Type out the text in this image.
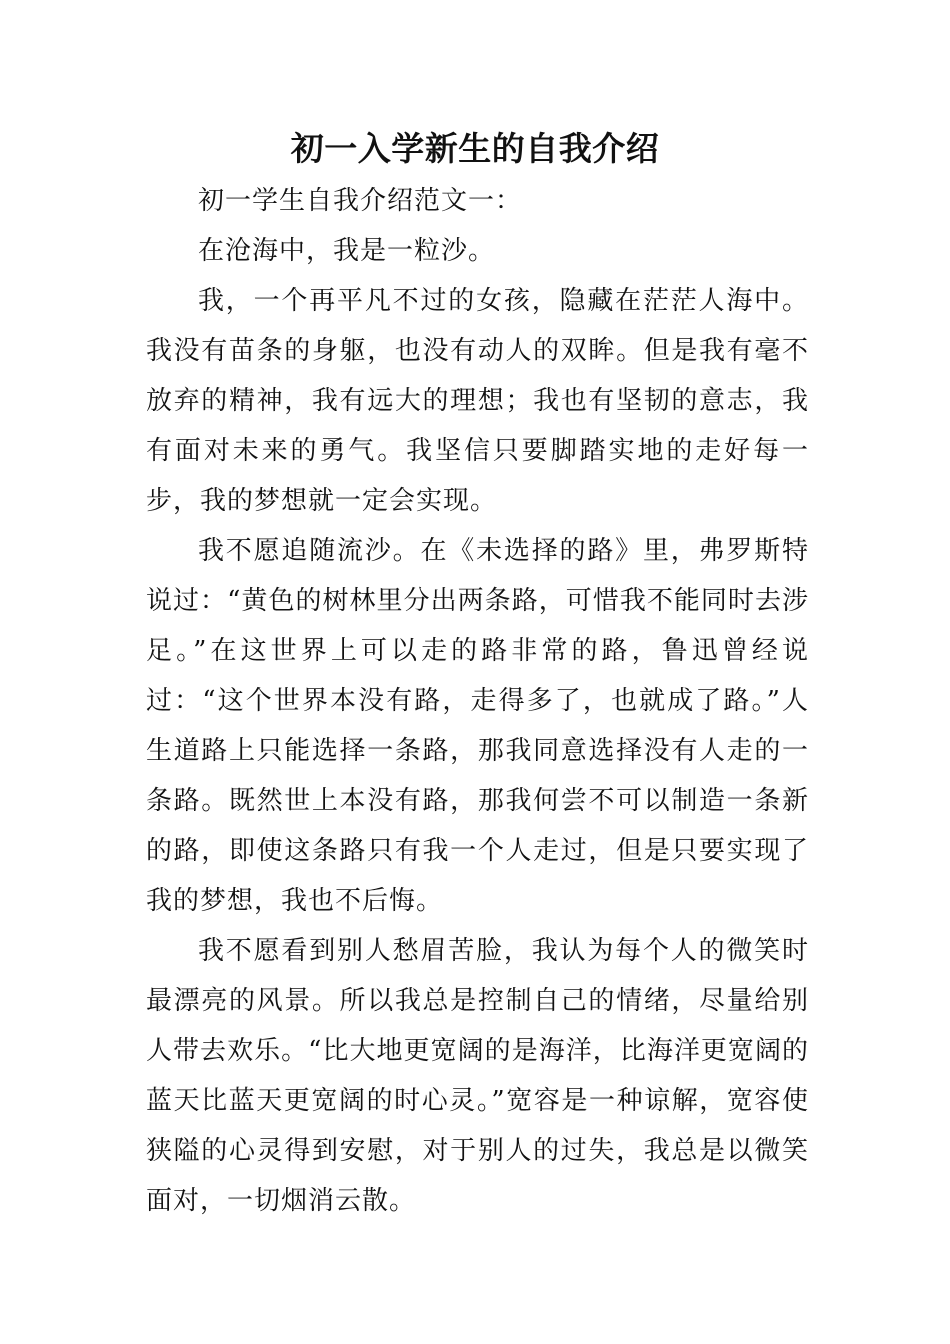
初一入学新生的自我介绍

初一学生自我介绍范文一：

在沧海中，我是一粒沙。

我，一个再平凡不过的女孩，隐藏在茫茫人海中。我没有苗条的身躯，也没有动人的双眸。但是我有毫不放弃的精神，我有远大的理想；我也有坚韧的意志，我有面对未来的勇气。我坚信只要脚踏实地的走好每一步，我的梦想就一定会实现。

我不愿追随流沙。在《未选择的路》里，弗罗斯特说过：“黄色的树林里分出两条路，可惜我不能同时去涉足。”在这世界上可以走的路非常的路，鲁迅曾经说过：“这个世界本没有路，走得多了，也就成了路。”人生道路上只能选择一条路，那我同意选择没有人走的一条路。既然世上本没有路，那我何尝不可以制造一条新的路，即使这条路只有我一个人走过，但是只要实现了我的梦想，我也不后悔。

我不愿看到别人愁眉苦脸，我认为每个人的微笑时最漂亮的风景。所以我总是控制自己的情绪，尽量给别人带去欢乐。“比大地更宽阔的是海洋，比海洋更宽阔的蓝天比蓝天更宽阔的时心灵。”宽容是一种谅解，宽容使狭隘的心灵得到安慰，对于别人的过失，我总是以微笑面对，一切烟消云散。
